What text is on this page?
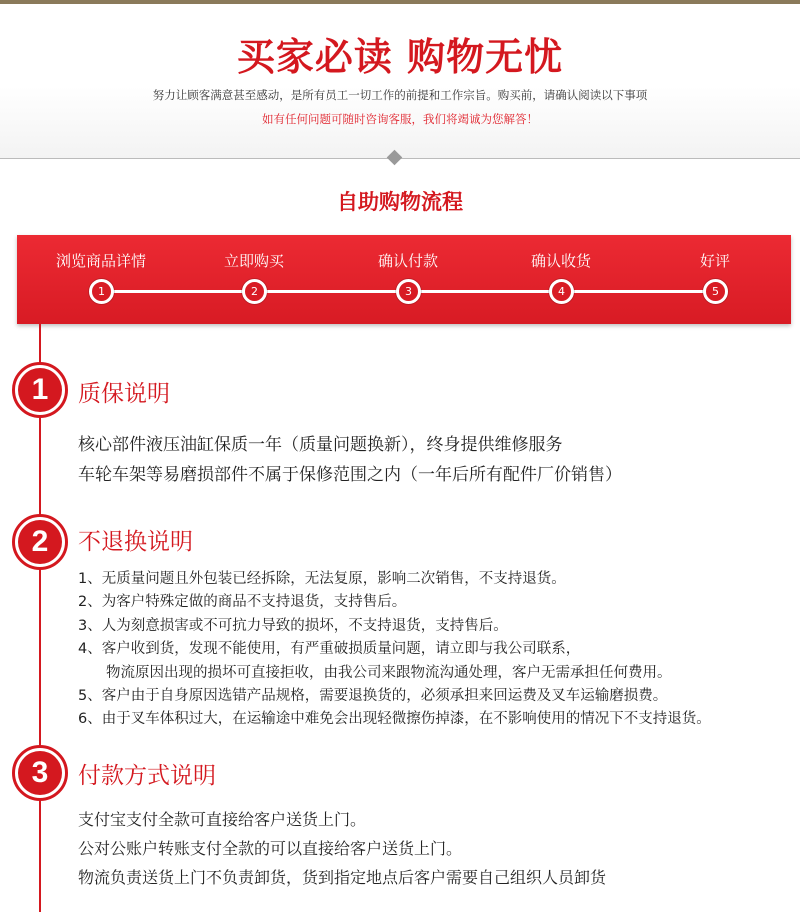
买家必读 购物无忧
努力让顾客满意甚至感动，是所有员工一切工作的前提和工作宗旨。购买前，请确认阅读以下事项
如有任何问题可随时咨询客服，我们将竭诚为您解答！
自助购物流程
浏览商品详情
1
立即购买
2
确认付款
3
确认收货
4
好评
5
1	质保说明
核心部件液压油缸保质一年（质量问题换新），终身提供维修服务
车轮车架等易磨损部件不属于保修范围之内（一年后所有配件厂价销售）
2	不退换说明
1、无质量问题且外包装已经拆除，无法复原，影响二次销售，不支持退货。
2、为客户特殊定做的商品不支持退货，支持售后。
3、人为刻意损害或不可抗力导致的损坏，不支持退货，支持售后。
4、客户收到货，发现不能使用，有严重破损质量问题，请立即与我公司联系，
物流原因出现的损坏可直接拒收，由我公司来跟物流沟通处理，客户无需承担任何费用。
5、客户由于自身原因选错产品规格，需要退换货的，必须承担来回运费及叉车运输磨损费。
6、由于叉车体积过大，在运输途中难免会出现轻微擦伤掉漆，在不影响使用的情况下不支持退货。
3	付款方式说明
支付宝支付全款可直接给客户送货上门。
公对公账户转账支付全款的可以直接给客户送货上门。
物流负责送货上门不负责卸货，货到指定地点后客户需要自己组织人员卸货
